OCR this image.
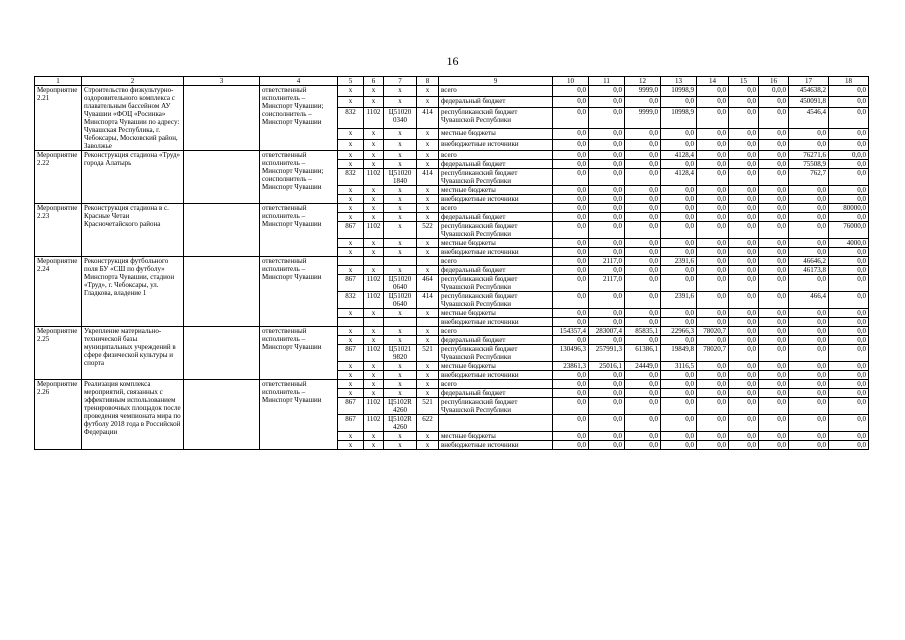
16
1	2	3	4	5	6	7	8	9	10	11	12	13	14	15	16	17	18
Мероприятие 2.21	Строительство физкультурно-оздоровительного комплекса с плавательным бассейном АУ Чувашии «ФОЦ «Росинка» Минспорта Чувашии по адресу: Чувашская Республика, г. Чебоксары, Московский район, Заволжье		ответственный исполнитель – Минспорт Чувашии; соисполнитель – Минспорт Чувашии	x	x	x	x	всего	0,0	0,0	9999,0	10998,9	0,0	0,0	0,0,0	454638,2	0,0
				x	x	x	x	федеральный бюджет	0,0	0,0	0,0	0,0	0,0	0,0	0,0	450091,8	0,0
				832	1102	Ц51020 0340	414	республиканский бюджет Чувашской Республики	0,0	0,0	9999,0	10998,9	0,0	0,0	0,0	4546,4	0,0
				x	x	x	x	местные бюджеты	0,0	0,0	0,0	0,0	0,0	0,0	0,0	0,0	0,0
				x	x	x	x	внебюджетные источники	0,0	0,0	0,0	0,0	0,0	0,0	0,0	0,0	0,0
Мероприятие 2.22	Реконструкция стадиона «Труд» города Алатырь		ответственный исполнитель – Минспорт Чувашии; соисполнитель – Минспорт Чувашии	x	x	x	x	всего	0,0	0,0	0,0	4128,4	0,0	0,0	0,0	76271,6	0,0,0
				x	x	x	x	федеральный бюджет	0,0	0,0	0,0	0,0	0,0	0,0	0,0	75508,9	0,0
				832	1102	Ц51020 1840	414	республиканский бюджет Чувашской Республики	0,0	0,0	0,0	4128,4	0,0	0,0	0,0	762,7	0,0
				x	x	x	x	местные бюджеты	0,0	0,0	0,0	0,0	0,0	0,0	0,0	0,0	0,0
				x	x	x	x	внебюджетные источники	0,0	0,0	0,0	0,0	0,0	0,0	0,0	0,0	0,0
Мероприятие 2.23	Реконструкция стадиона в с. Красные Четаи Красночетайского района		ответственный исполнитель – Минспорт Чувашии	x	x	x	x	всего	0,0	0,0	0,0	0,0	0,0	0,0	0,0	0,0	80000,0
				x	x	x	x	федеральный бюджет	0,0	0,0	0,0	0,0	0,0	0,0	0,0	0,0	0,0
				867	1102	x	522	республиканский бюджет Чувашской Республики	0,0	0,0	0,0	0,0	0,0	0,0	0,0	0,0	76000,0
				x	x	x	x	местные бюджеты	0,0	0,0	0,0	0,0	0,0	0,0	0,0	0,0	4000,0
				x	x	x	x	внебюджетные источники	0,0	0,0	0,0	0,0	0,0	0,0	0,0	0,0	0,0
Мероприятие 2.24	Реконструкция футбольного поля БУ «СШ по футболу» Минспорта Чувашии, стадион «Труд», г. Чебоксары, ул. Гладкова, владение 1		ответственный исполнитель – Минспорт Чувашии					всего	0,0	2117,0	0,0	2391,6	0,0	0,0	0,0	46646,2	0,0
				x	x	x	x	федеральный бюджет	0,0	0,0	0,0	0,0	0,0	0,0	0,0	46173,8	0,0
				867	1102	Ц51020 0640	464	республиканский бюджет Чувашской Республики	0,0	2117,0	0,0	0,0	0,0	0,0	0,0	0,0	0,0
				832	1102	Ц51020 0640	414	республиканский бюджет Чувашской Республики	0,0	0,0	0,0	2391,6	0,0	0,0	0,0	466,4	0,0
				x	x	x	x	местные бюджеты	0,0	0,0	0,0	0,0	0,0	0,0	0,0	0,0	0,0
								внебюджетные источники	0,0	0,0	0,0	0,0	0,0	0,0	0,0	0,0	0,0
Мероприятие 2.25	Укрепление материально-технической базы муниципальных учреждений в сфере физической культуры и спорта		ответственный исполнитель – Минспорт Чувашии	x	x	x	x	всего	154357,4	283007,4	85835,1	22966,3	78020,7	0,0	0,0	0,0	0,0
				x	x	x	x	федеральный бюджет	0,0	0,0	0,0	0,0	0,0	0,0	0,0	0,0	0,0
				867	1102	Ц51021 9820	521	республиканский бюджет Чувашской Республики	130496,3	257991,3	61386,1	19849,8	78020,7	0,0	0,0	0,0	0,0
				x	x	x	x	местные бюджеты	23861,3	25016,1	24449,0	3116,5	0,0	0,0	0,0	0,0	0,0
				x	x	x	x	внебюджетные источники	0,0	0,0	0,0	0,0	0,0	0,0	0,0	0,0	0,0
Мероприятие 2.26	Реализация комплекса мероприятий, связанных с эффективным использованием тренировочных площадок после проведения чемпионата мира по футболу 2018 года в Российской Федерации		ответственный исполнитель – Минспорт Чувашии	x	x	x	x	всего	0,0	0,0	0,0	0,0	0,0	0,0	0,0	0,0	0,0
				x	x	x	x	федеральный бюджет	0,0	0,0	0,0	0,0	0,0	0,0	0,0	0,0	0,0
				867	1102	Ц5102R 4260	521	республиканский бюджет Чувашской Республики	0,0	0,0	0,0	0,0	0,0	0,0	0,0	0,0	0,0
				867	1102	Ц5102R 4260	622		0,0	0,0	0,0	0,0	0,0	0,0	0,0	0,0	0,0
				x	x	x	x	местные бюджеты	0,0	0,0	0,0	0,0	0,0	0,0	0,0	0,0	0,0
				x	x	x	x	внебюджетные источники	0,0	0,0	0,0	0,0	0,0	0,0	0,0	0,0	0,0
